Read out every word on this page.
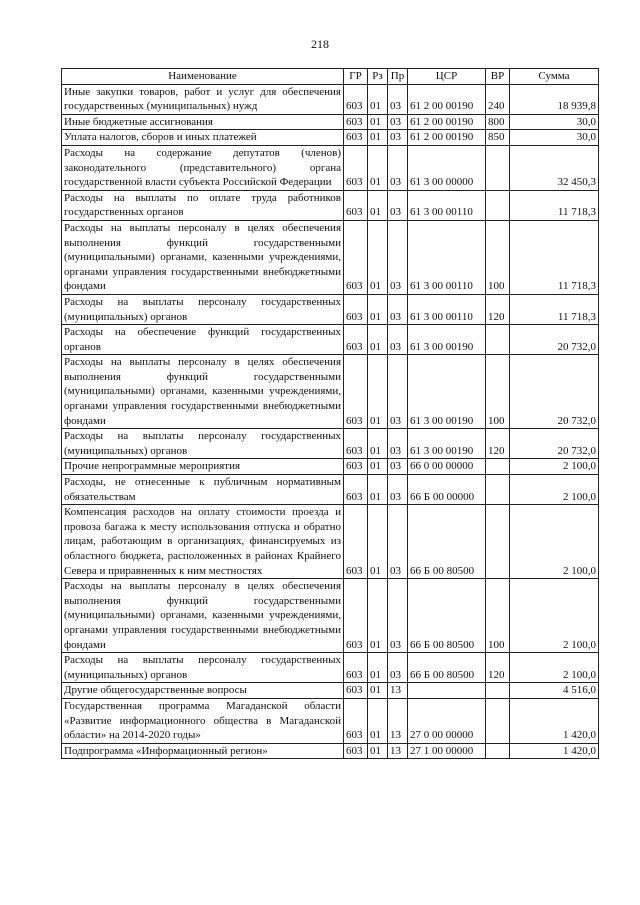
218
Наименование	ГР	Рз	Пр	ЦСР	ВР	Сумма
Иные закупки товаров, работ и услуг для обеспечения государственных (муниципальных) нужд	603	01	03	61 2 00 00190	240	18 939,8
Иные бюджетные ассигнования	603	01	03	61 2 00 00190	800	30,0
Уплата налогов, сборов и иных платежей	603	01	03	61 2 00 00190	850	30,0
Расходы на содержание депутатов (членов) законодательного (представительного) органа государственной власти субъекта Российской Федерации	603	01	03	61 3 00 00000		32 450,3
Расходы на выплаты по оплате труда работников государственных органов	603	01	03	61 3 00 00110		11 718,3
Расходы на выплаты персоналу в целях обеспечения выполнения функций государственными (муниципальными) органами, казенными учреждениями, органами управления государственными внебюджетными фондами	603	01	03	61 3 00 00110	100	11 718,3
Расходы на выплаты персоналу государственных (муниципальных) органов	603	01	03	61 3 00 00110	120	11 718,3
Расходы на обеспечение функций государственных органов	603	01	03	61 3 00 00190		20 732,0
Расходы на выплаты персоналу в целях обеспечения выполнения функций государственными (муниципальными) органами, казенными учреждениями, органами управления государственными внебюджетными фондами	603	01	03	61 3 00 00190	100	20 732,0
Расходы на выплаты персоналу государственных (муниципальных) органов	603	01	03	61 3 00 00190	120	20 732,0
Прочие непрограммные мероприятия	603	01	03	66 0 00 00000		2 100,0
Расходы, не отнесенные к публичным нормативным обязательствам	603	01	03	66 Б 00 00000		2 100,0
Компенсация расходов на оплату стоимости проезда и провоза багажа к месту использования отпуска и обратно лицам, работающим в организациях, финансируемых из областного бюджета, расположенных в районах Крайнего Севера и приравненных к ним местностях	603	01	03	66 Б 00 80500		2 100,0
Расходы на выплаты персоналу в целях обеспечения выполнения функций государственными (муниципальными) органами, казенными учреждениями, органами управления государственными внебюджетными фондами	603	01	03	66 Б 00 80500	100	2 100,0
Расходы на выплаты персоналу государственных (муниципальных) органов	603	01	03	66 Б 00 80500	120	2 100,0
Другие общегосударственные вопросы	603	01	13			4 516,0
Государственная программа Магаданской области «Развитие информационного общества в Магаданской области» на 2014-2020 годы»	603	01	13	27 0 00 00000		1 420,0
Подпрограмма «Информационный регион»	603	01	13	27 1 00 00000		1 420,0
